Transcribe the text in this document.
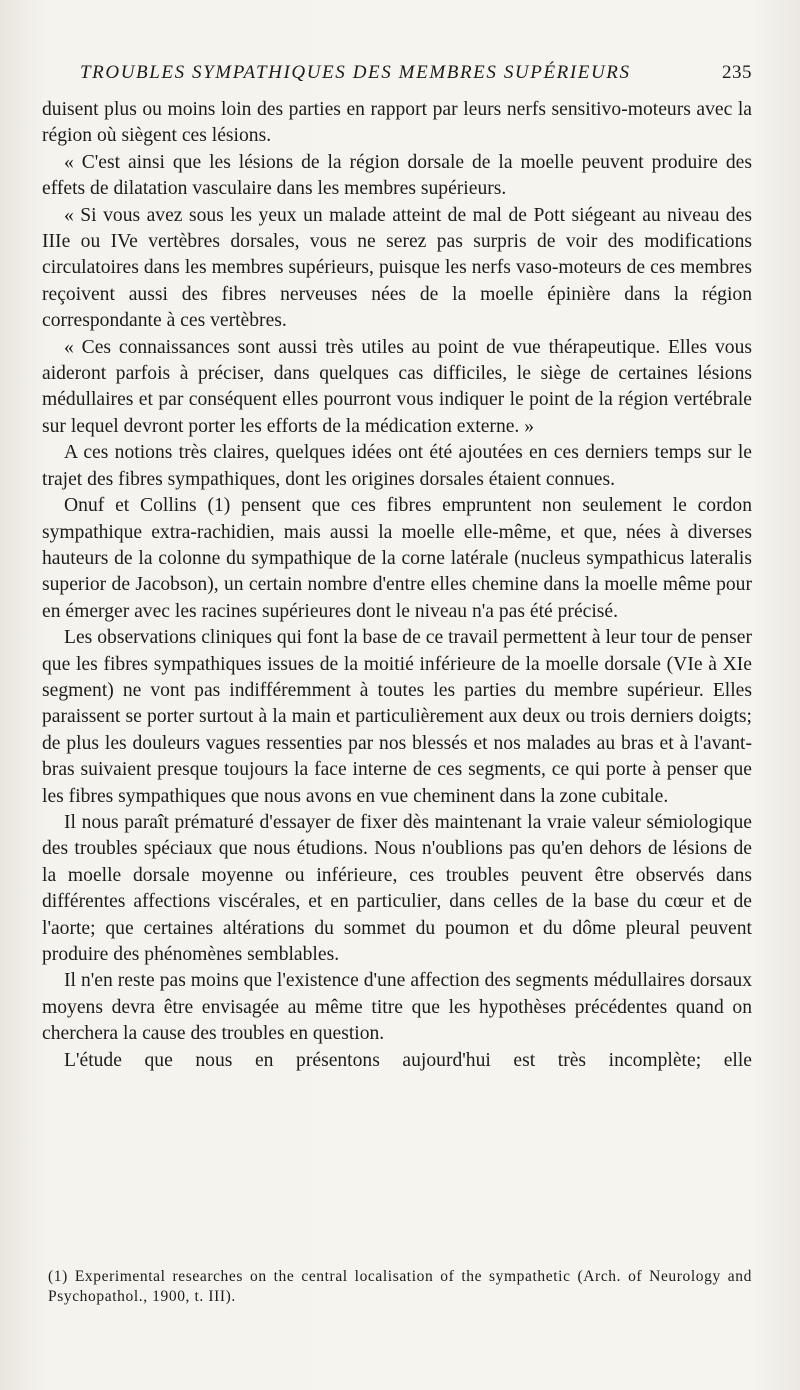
TROUBLES SYMPATHIQUES DES MEMBRES SUPÉRIEURS	235

duisent plus ou moins loin des parties en rapport par leurs nerfs sensitivo-moteurs avec la région où siègent ces lésions.

« C'est ainsi que les lésions de la région dorsale de la moelle peuvent produire des effets de dilatation vasculaire dans les membres supérieurs.

« Si vous avez sous les yeux un malade atteint de mal de Pott siégeant au niveau des IIIe ou IVe vertèbres dorsales, vous ne serez pas surpris de voir des modifications circulatoires dans les membres supérieurs, puisque les nerfs vaso-moteurs de ces membres reçoivent aussi des fibres nerveuses nées de la moelle épinière dans la région correspondante à ces vertèbres.

« Ces connaissances sont aussi très utiles au point de vue thérapeutique. Elles vous aideront parfois à préciser, dans quelques cas difficiles, le siège de certaines lésions médullaires et par conséquent elles pourront vous indiquer le point de la région vertébrale sur lequel devront porter les efforts de la médication externe. »

A ces notions très claires, quelques idées ont été ajoutées en ces derniers temps sur le trajet des fibres sympathiques, dont les origines dorsales étaient connues.

Onuf et Collins (1) pensent que ces fibres empruntent non seulement le cordon sympathique extra-rachidien, mais aussi la moelle elle-même, et que, nées à diverses hauteurs de la colonne du sympathique de la corne latérale (nucleus sympathicus lateralis superior de Jacobson), un certain nombre d'entre elles chemine dans la moelle même pour en émerger avec les racines supérieures dont le niveau n'a pas été précisé.

Les observations cliniques qui font la base de ce travail permettent à leur tour de penser que les fibres sympathiques issues de la moitié inférieure de la moelle dorsale (VIe à XIe segment) ne vont pas indifféremment à toutes les parties du membre supérieur. Elles paraissent se porter surtout à la main et particulièrement aux deux ou trois derniers doigts; de plus les douleurs vagues ressenties par nos blessés et nos malades au bras et à l'avant-bras suivaient presque toujours la face interne de ces segments, ce qui porte à penser que les fibres sympathiques que nous avons en vue cheminent dans la zone cubitale.

Il nous paraît prématuré d'essayer de fixer dès maintenant la vraie valeur sémiologique des troubles spéciaux que nous étudions. Nous n'oublions pas qu'en dehors de lésions de la moelle dorsale moyenne ou inférieure, ces troubles peuvent être observés dans différentes affections viscérales, et en particulier, dans celles de la base du cœur et de l'aorte; que certaines altérations du sommet du poumon et du dôme pleural peuvent produire des phénomènes semblables.

Il n'en reste pas moins que l'existence d'une affection des segments médullaires dorsaux moyens devra être envisagée au même titre que les hypothèses précédentes quand on cherchera la cause des troubles en question.

L'étude que nous en présentons aujourd'hui est très incomplète; elle

(1) Experimental researches on the central localisation of the sympathetic (Arch. of Neurology and Psychopathol., 1900, t. III).
